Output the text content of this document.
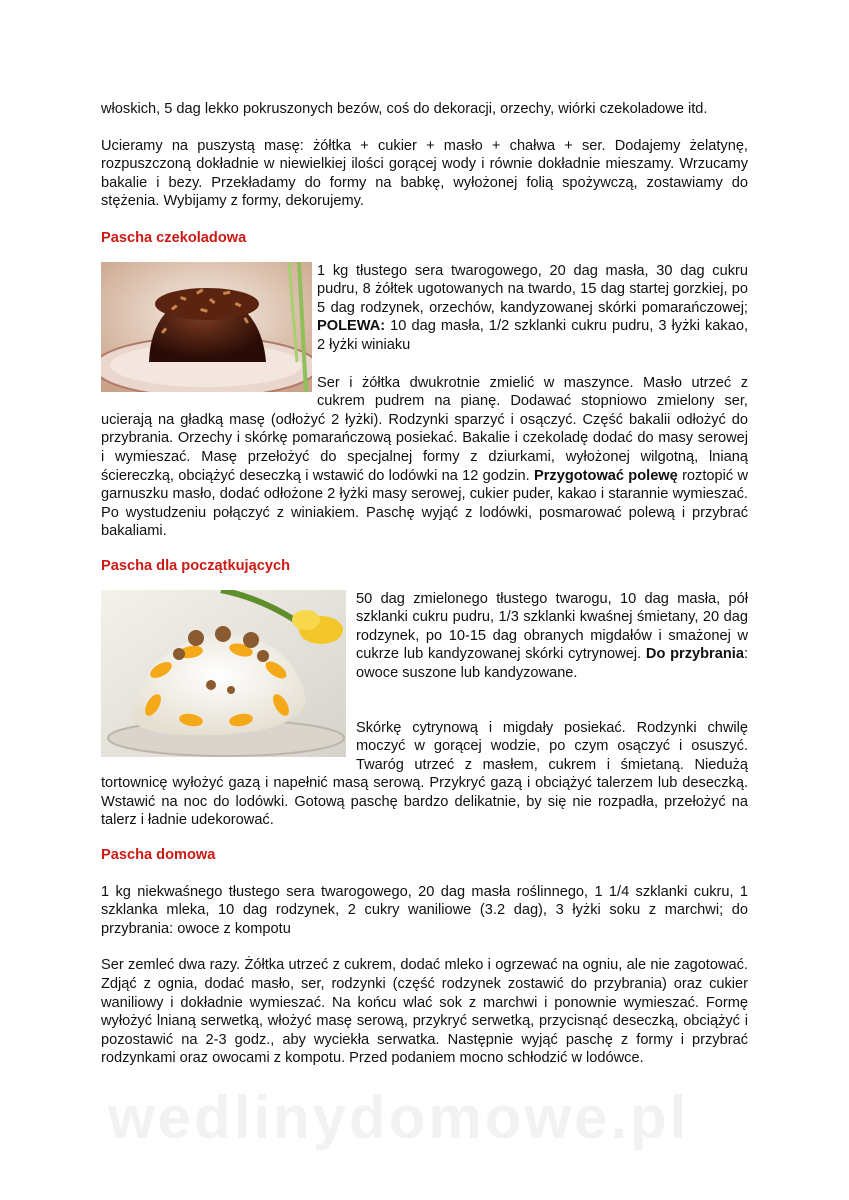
włoskich, 5 dag lekko pokruszonych bezów, coś do dekoracji, orzechy, wiórki czekoladowe itd.

Ucieramy na puszystą masę: żółtka + cukier + masło + chałwa + ser. Dodajemy żelatynę, rozpuszczoną dokładnie w niewielkiej ilości gorącej wody i równie dokładnie mieszamy. Wrzucamy bakalie i bezy. Przekładamy do formy na babkę, wyłożonej folią spożywczą, zostawiamy do stężenia. Wybijamy z formy, dekorujemy.

Pascha czekoladowa

1 kg tłustego sera twarogowego, 20 dag masła, 30 dag cukru pudru, 8 żółtek ugotowanych na twardo, 15 dag startej gorzkiej, po 5 dag rodzynek, orzechów, kandyzowanej skórki pomarańczowej; POLEWA: 10 dag masła, 1/2 szklanki cukru pudru, 3 łyżki kakao, 2 łyżki winiaku

Ser i żółtka dwukrotnie zmielić w maszynce. Masło utrzeć z cukrem pudrem na pianę. Dodawać stopniowo zmielony ser, ucierają na gładką masę (odłożyć 2 łyżki). Rodzynki sparzyć i osączyć. Część bakalii odłożyć do przybrania. Orzechy i skórkę pomarańczową posiekać. Bakalie i czekoladę dodać do masy serowej i wymieszać. Masę przełożyć do specjalnej formy z dziurkami, wyłożonej wilgotną, lnianą ściereczką, obciążyć deseczką i wstawić do lodówki na 12 godzin. Przygotować polewę roztopić w garnuszku masło, dodać odłożone 2 łyżki masy serowej, cukier puder, kakao i starannie wymieszać. Po wystudzeniu połączyć z winiakiem. Paschę wyjąć z lodówki, posmarować polewą i przybrać bakaliami.

Pascha dla początkujących

50 dag zmielonego tłustego twarogu, 10 dag masła, pół szklanki cukru pudru, 1/3 szklanki kwaśnej śmietany, 20 dag rodzynek, po 10-15 dag obranych migdałów i smażonej w cukrze lub kandyzowanej skórki cytrynowej. Do przybrania: owoce suszone lub kandyzowane.

Skórkę cytrynową i migdały posiekać. Rodzynki chwilę moczyć w gorącej wodzie, po czym osączyć i osuszyć. Twaróg utrzeć z masłem, cukrem i śmietaną. Niedużą tortownicę wyłożyć gazą i napełnić masą serową. Przykryć gazą i obciążyć talerzem lub deseczką. Wstawić na noc do lodówki. Gotową paschę bardzo delikatnie, by się nie rozpadła, przełożyć na talerz i ładnie udekorować.

Pascha domowa

1 kg niekwaśnego tłustego sera twarogowego, 20 dag masła roślinnego, 1 1/4 szklanki cukru, 1 szklanka mleka, 10 dag rodzynek, 2 cukry waniliowe (3.2 dag), 3 łyżki soku z marchwi; do przybrania: owoce z kompotu

Ser zemleć dwa razy. Żółtka utrzeć z cukrem, dodać mleko i ogrzewać na ogniu, ale nie zagotować. Zdjąć z ognia, dodać masło, ser, rodzynki (część rodzynek zostawić do przybrania) oraz cukier waniliowy i dokładnie wymieszać. Na końcu wlać sok z marchwi i ponownie wymieszać. Formę wyłożyć lnianą serwetką, włożyć masę serową, przykryć serwetką, przycisnąć deseczką, obciążyć i pozostawić na 2-3 godz., aby wyciekła serwatka. Następnie wyjąć paschę z formy i przybrać rodzynkami oraz owocami z kompotu. Przed podaniem mocno schłodzić w lodówce.

wedlinydomowe.pl
